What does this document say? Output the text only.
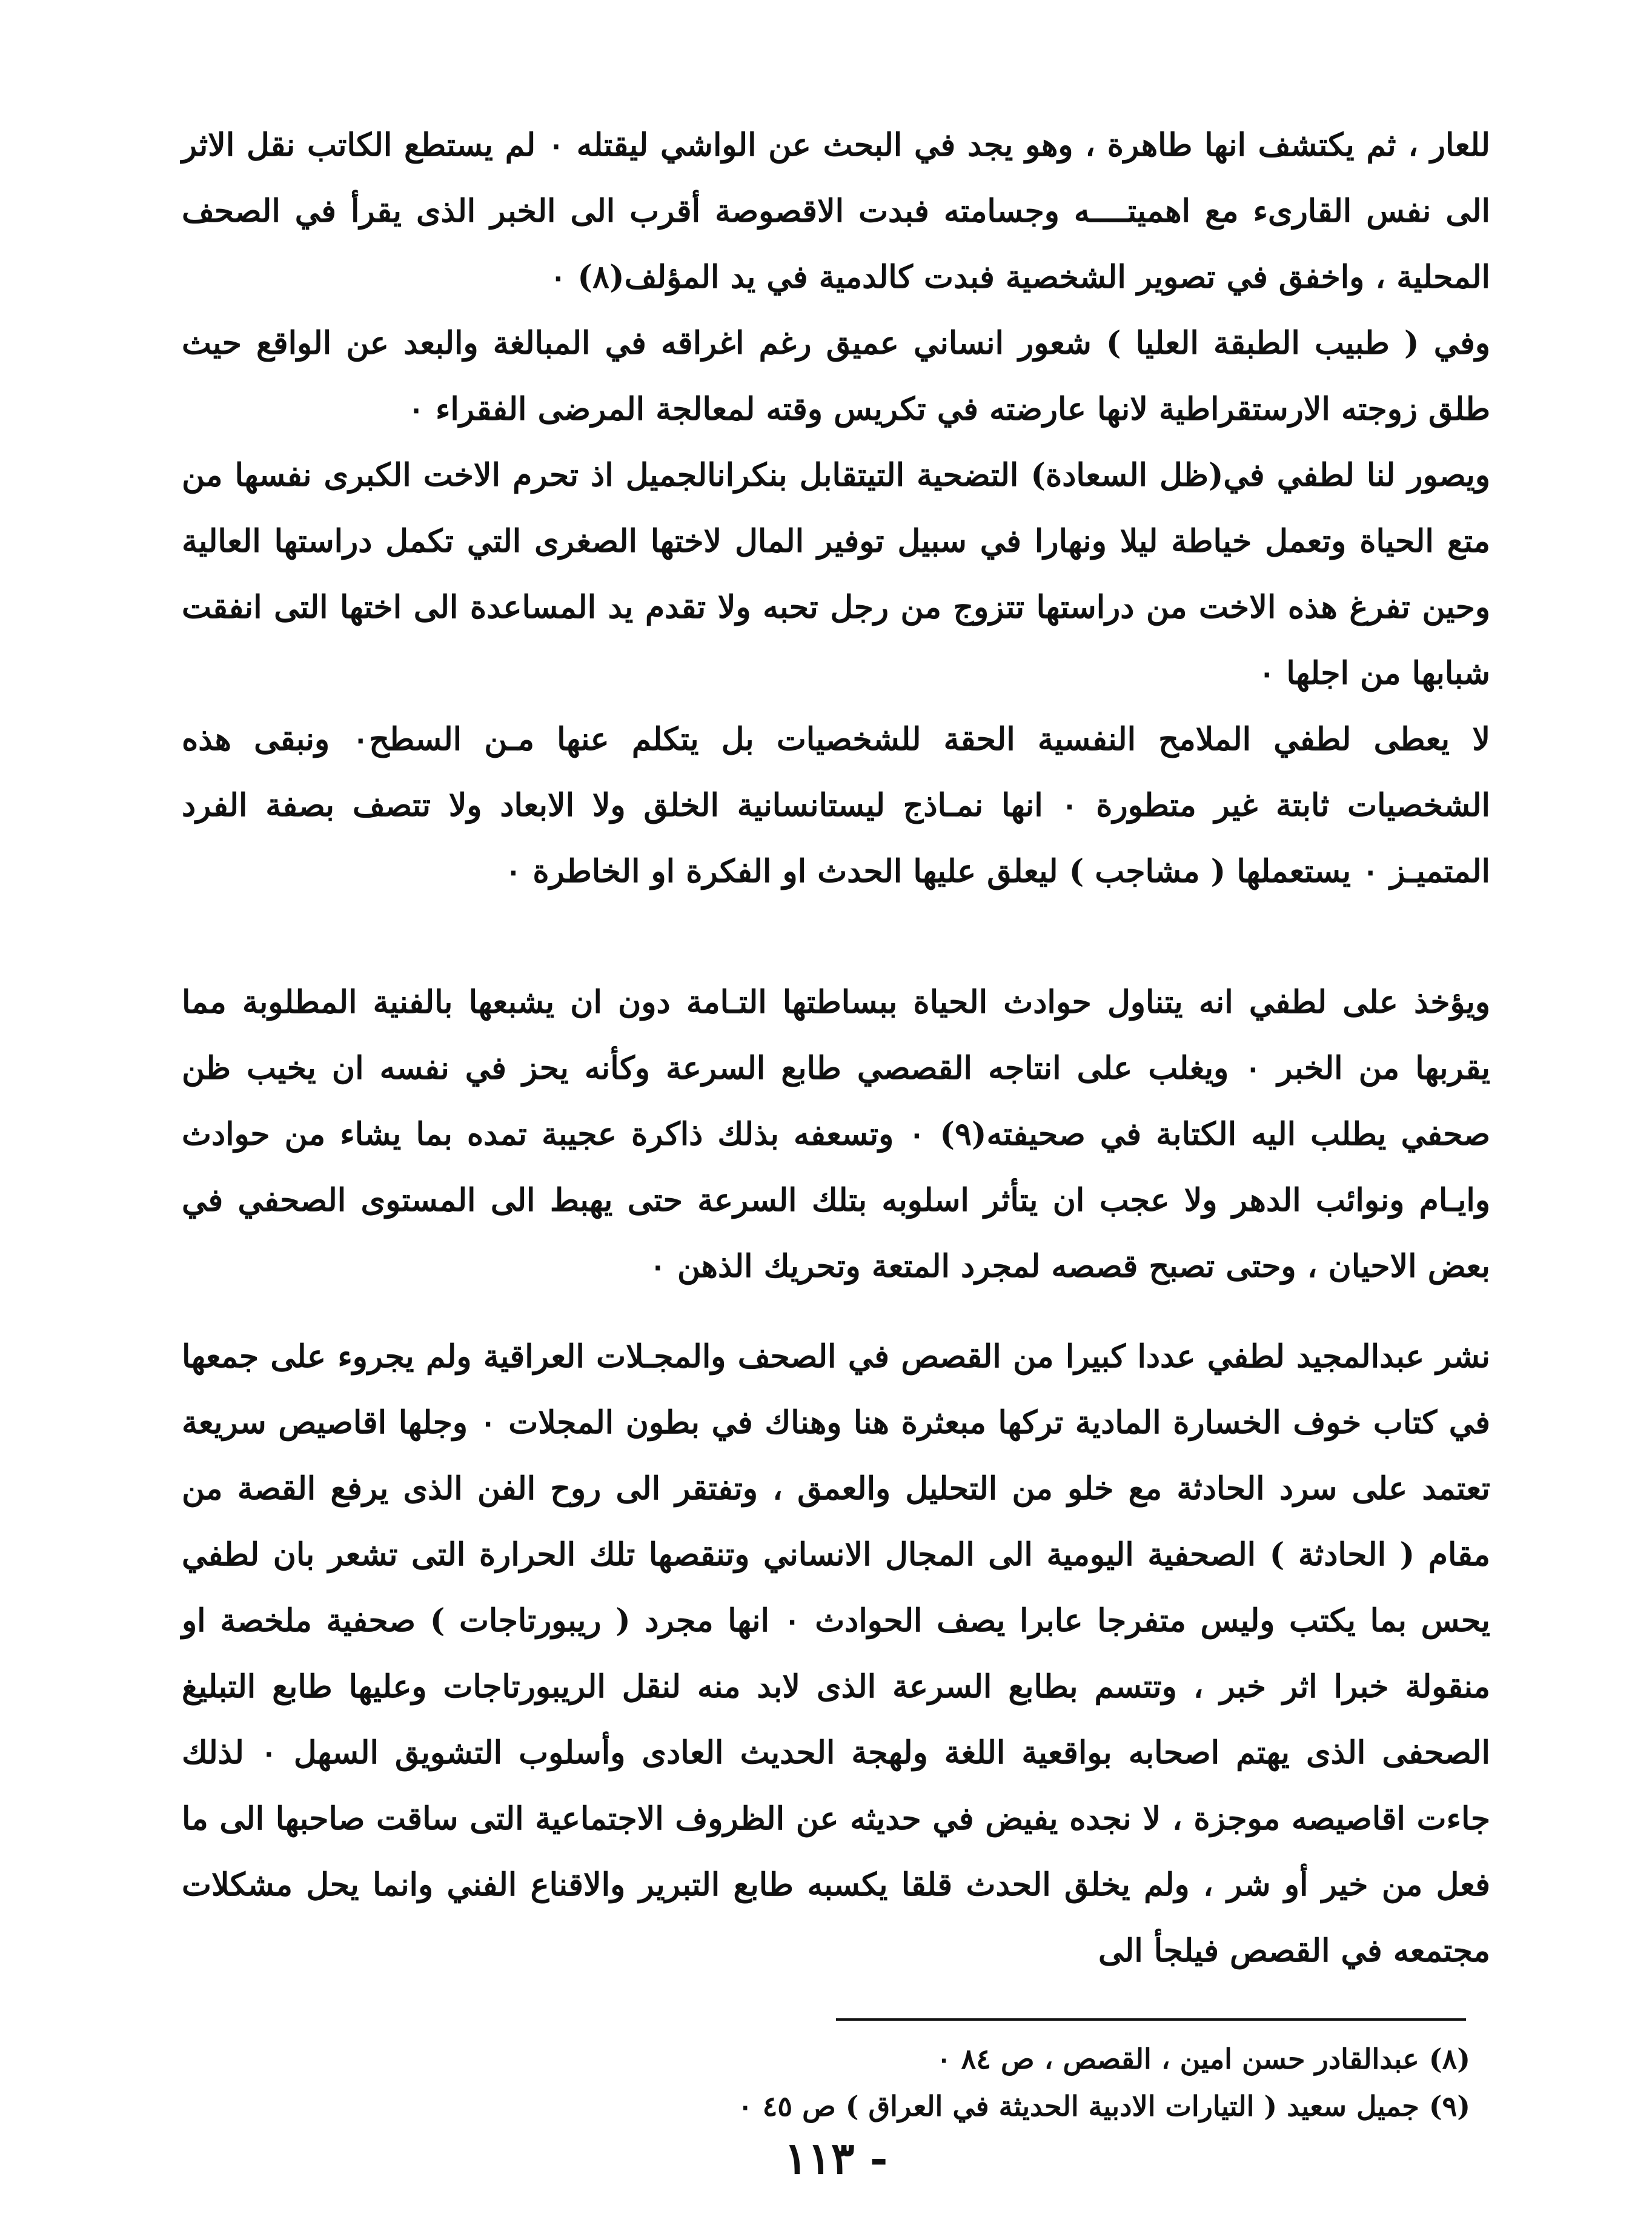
للعار ، ثم يكتشف انها طاهرة ، وهو يجد في البحث عن الواشي ليقتله ٠ لم يستطع الكاتب نقل الاثر الى نفس القارىء مع اهميتــــه وجسامته فبدت الاقصوصة أقرب الى الخبر الذى يقرأ في الصحف المحلية ، واخفق في تصوير الشخصية فبدت كالدمية في يد المؤلف(٨) ٠

وفي ( طبيب الطبقة العليا ) شعور انساني عميق رغم اغراقه في المبالغة والبعد عن الواقع حيث طلق زوجته الارستقراطية لانها عارضته في تكريس وقته لمعالجة المرضى الفقراء ٠

ويصور لنا لطفي في(ظل السعادة) التضحية التيتقابل بنكرانالجميل اذ تحرم الاخت الكبرى نفسها من متع الحياة وتعمل خياطة ليلا ونهارا في سبيل توفير المال لاختها الصغرى التي تكمل دراستها العالية وحين تفرغ هذه الاخت من دراستها تتزوج من رجل تحبه ولا تقدم يد المساعدة الى اختها التى انفقت شبابها من اجلها ٠

لا يعطى لطفي الملامح النفسية الحقة للشخصيات بل يتكلم عنها مـن السطح٠ ونبقى هذه الشخصيات ثابتة غير متطورة ٠ انها نمـاذج ليستانسانية الخلق ولا الابعاد ولا تتصف بصفة الفرد المتميـز ٠ يستعملها ( مشاجب ) ليعلق عليها الحدث او الفكرة او الخاطرة ٠

ويؤخذ على لطفي انه يتناول حوادث الحياة ببساطتها التـامة دون ان يشبعها بالفنية المطلوبة مما يقربها من الخبر ٠ ويغلب على انتاجه القصصي طابع السرعة وكأنه يحز في نفسه ان يخيب ظن صحفي يطلب اليه الكتابة في صحيفته(٩) ٠ وتسعفه بذلك ذاكرة عجيبة تمده بما يشاء من حوادث وايـام ونوائب الدهر ولا عجب ان يتأثر اسلوبه بتلك السرعة حتى يهبط الى المستوى الصحفي في بعض الاحيان ، وحتى تصبح قصصه لمجرد المتعة وتحريك الذهن ٠

نشر عبدالمجيد لطفي عددا كبيرا من القصص في الصحف والمجـلات العراقية ولم يجروء على جمعها في كتاب خوف الخسارة المادية تركها مبعثرة هنا وهناك في بطون المجلات ٠ وجلها اقاصيص سريعة تعتمد على سرد الحادثة مع خلو من التحليل والعمق ، وتفتقر الى روح الفن الذى يرفع القصة من مقام ( الحادثة ) الصحفية اليومية الى المجال الانساني وتنقصها تلك الحرارة التى تشعر بان لطفي يحس بما يكتب وليس متفرجا عابرا يصف الحوادث ٠ انها مجرد ( ريبورتاجات ) صحفية ملخصة او منقولة خبرا اثر خبر ، وتتسم بطابع السرعة الذى لابد منه لنقل الريبورتاجات وعليها طابع التبليغ الصحفى الذى يهتم اصحابه بواقعية اللغة ولهجة الحديث العادى وأسلوب التشويق السهل ٠ لذلك جاءت اقاصيصه موجزة ، لا نجده يفيض في حديثه عن الظروف الاجتماعية التى ساقت صاحبها الى ما فعل من خير أو شر ، ولم يخلق الحدث قلقا يكسبه طابع التبرير والاقناع الفني وانما يحل مشكلات مجتمعه في القصص فيلجأ الى

(٨) عبدالقادر حسن امين ، القصص ، ص ٨٤ ٠

(٩) جميل سعيد ( التيارات الادبية الحديثة في العراق ) ص ٤٥ ٠

- ١١٣
